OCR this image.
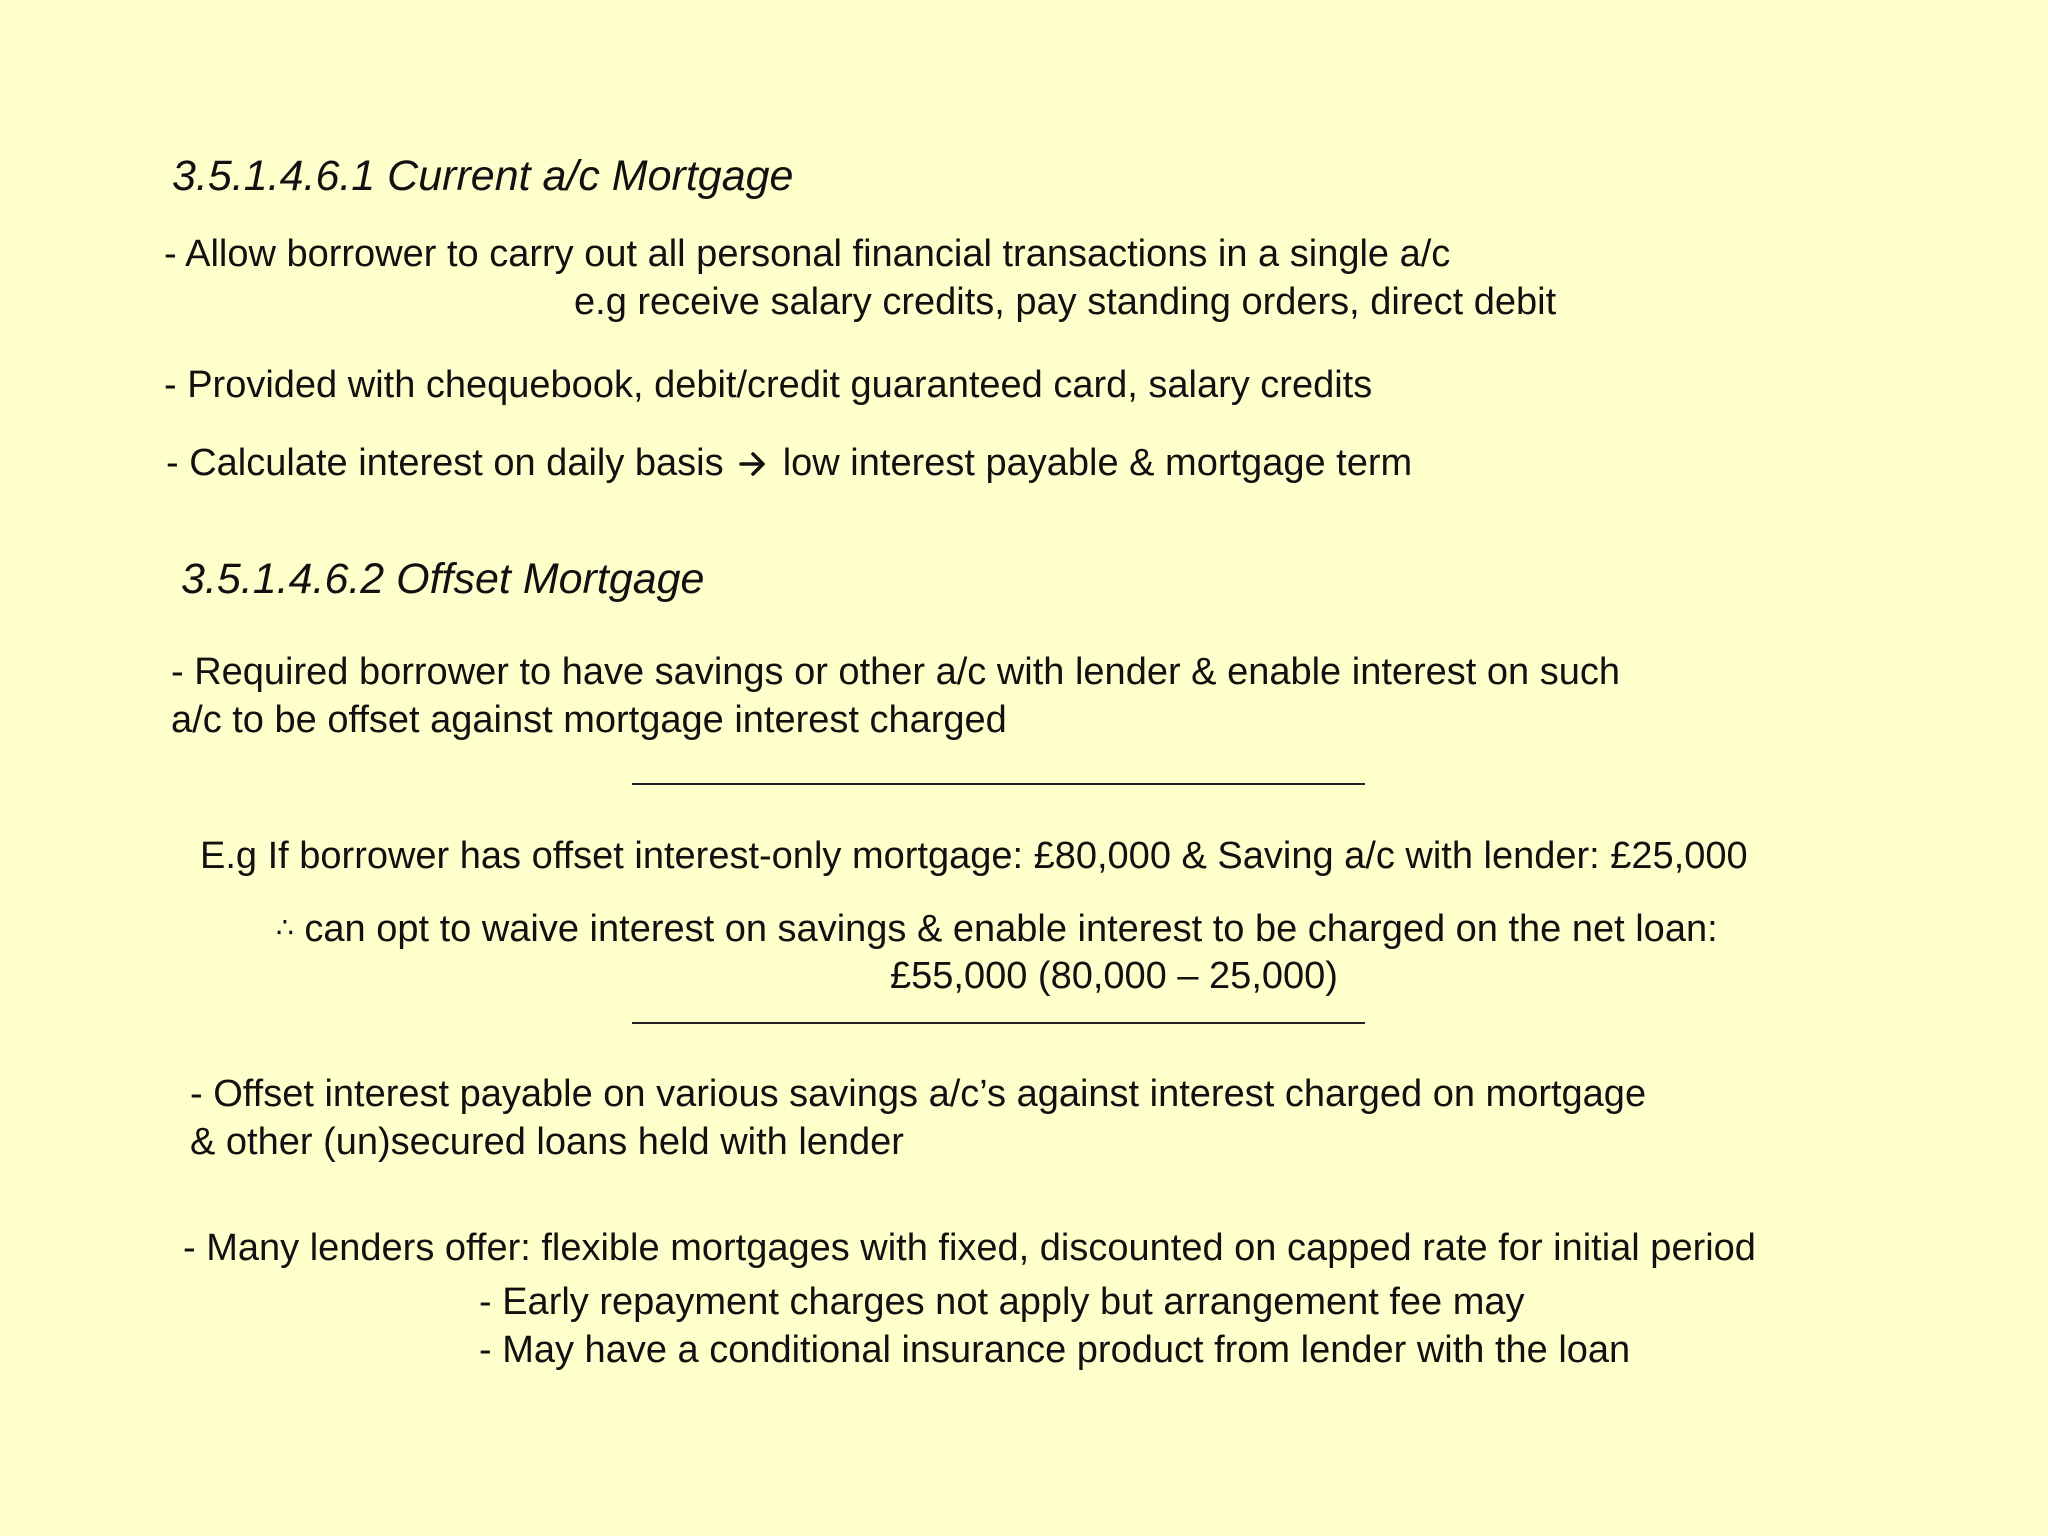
3.5.1.4.6.1 Current a/c Mortgage
- Allow borrower to carry out all personal financial transactions in a single a/c
e.g receive salary credits, pay standing orders, direct debit
- Provided with chequebook, debit/credit guaranteed card, salary credits
- Calculate interest on daily basis low interest payable & mortgage term
3.5.1.4.6.2 Offset Mortgage
- Required borrower to have savings or other a/c with lender & enable interest on such
a/c to be offset against mortgage interest charged
E.g If borrower has offset interest-only mortgage: £80,000 & Saving a/c with lender: £25,000
∴ can opt to waive interest on savings & enable interest to be charged on the net loan:
£55,000 (80,000 – 25,000)
- Offset interest payable on various savings a/c’s against interest charged on mortgage
& other (un)secured loans held with lender
- Many lenders offer: flexible mortgages with fixed, discounted on capped rate for initial period
- Early repayment charges not apply but arrangement fee may
- May have a conditional insurance product from lender with the loan
